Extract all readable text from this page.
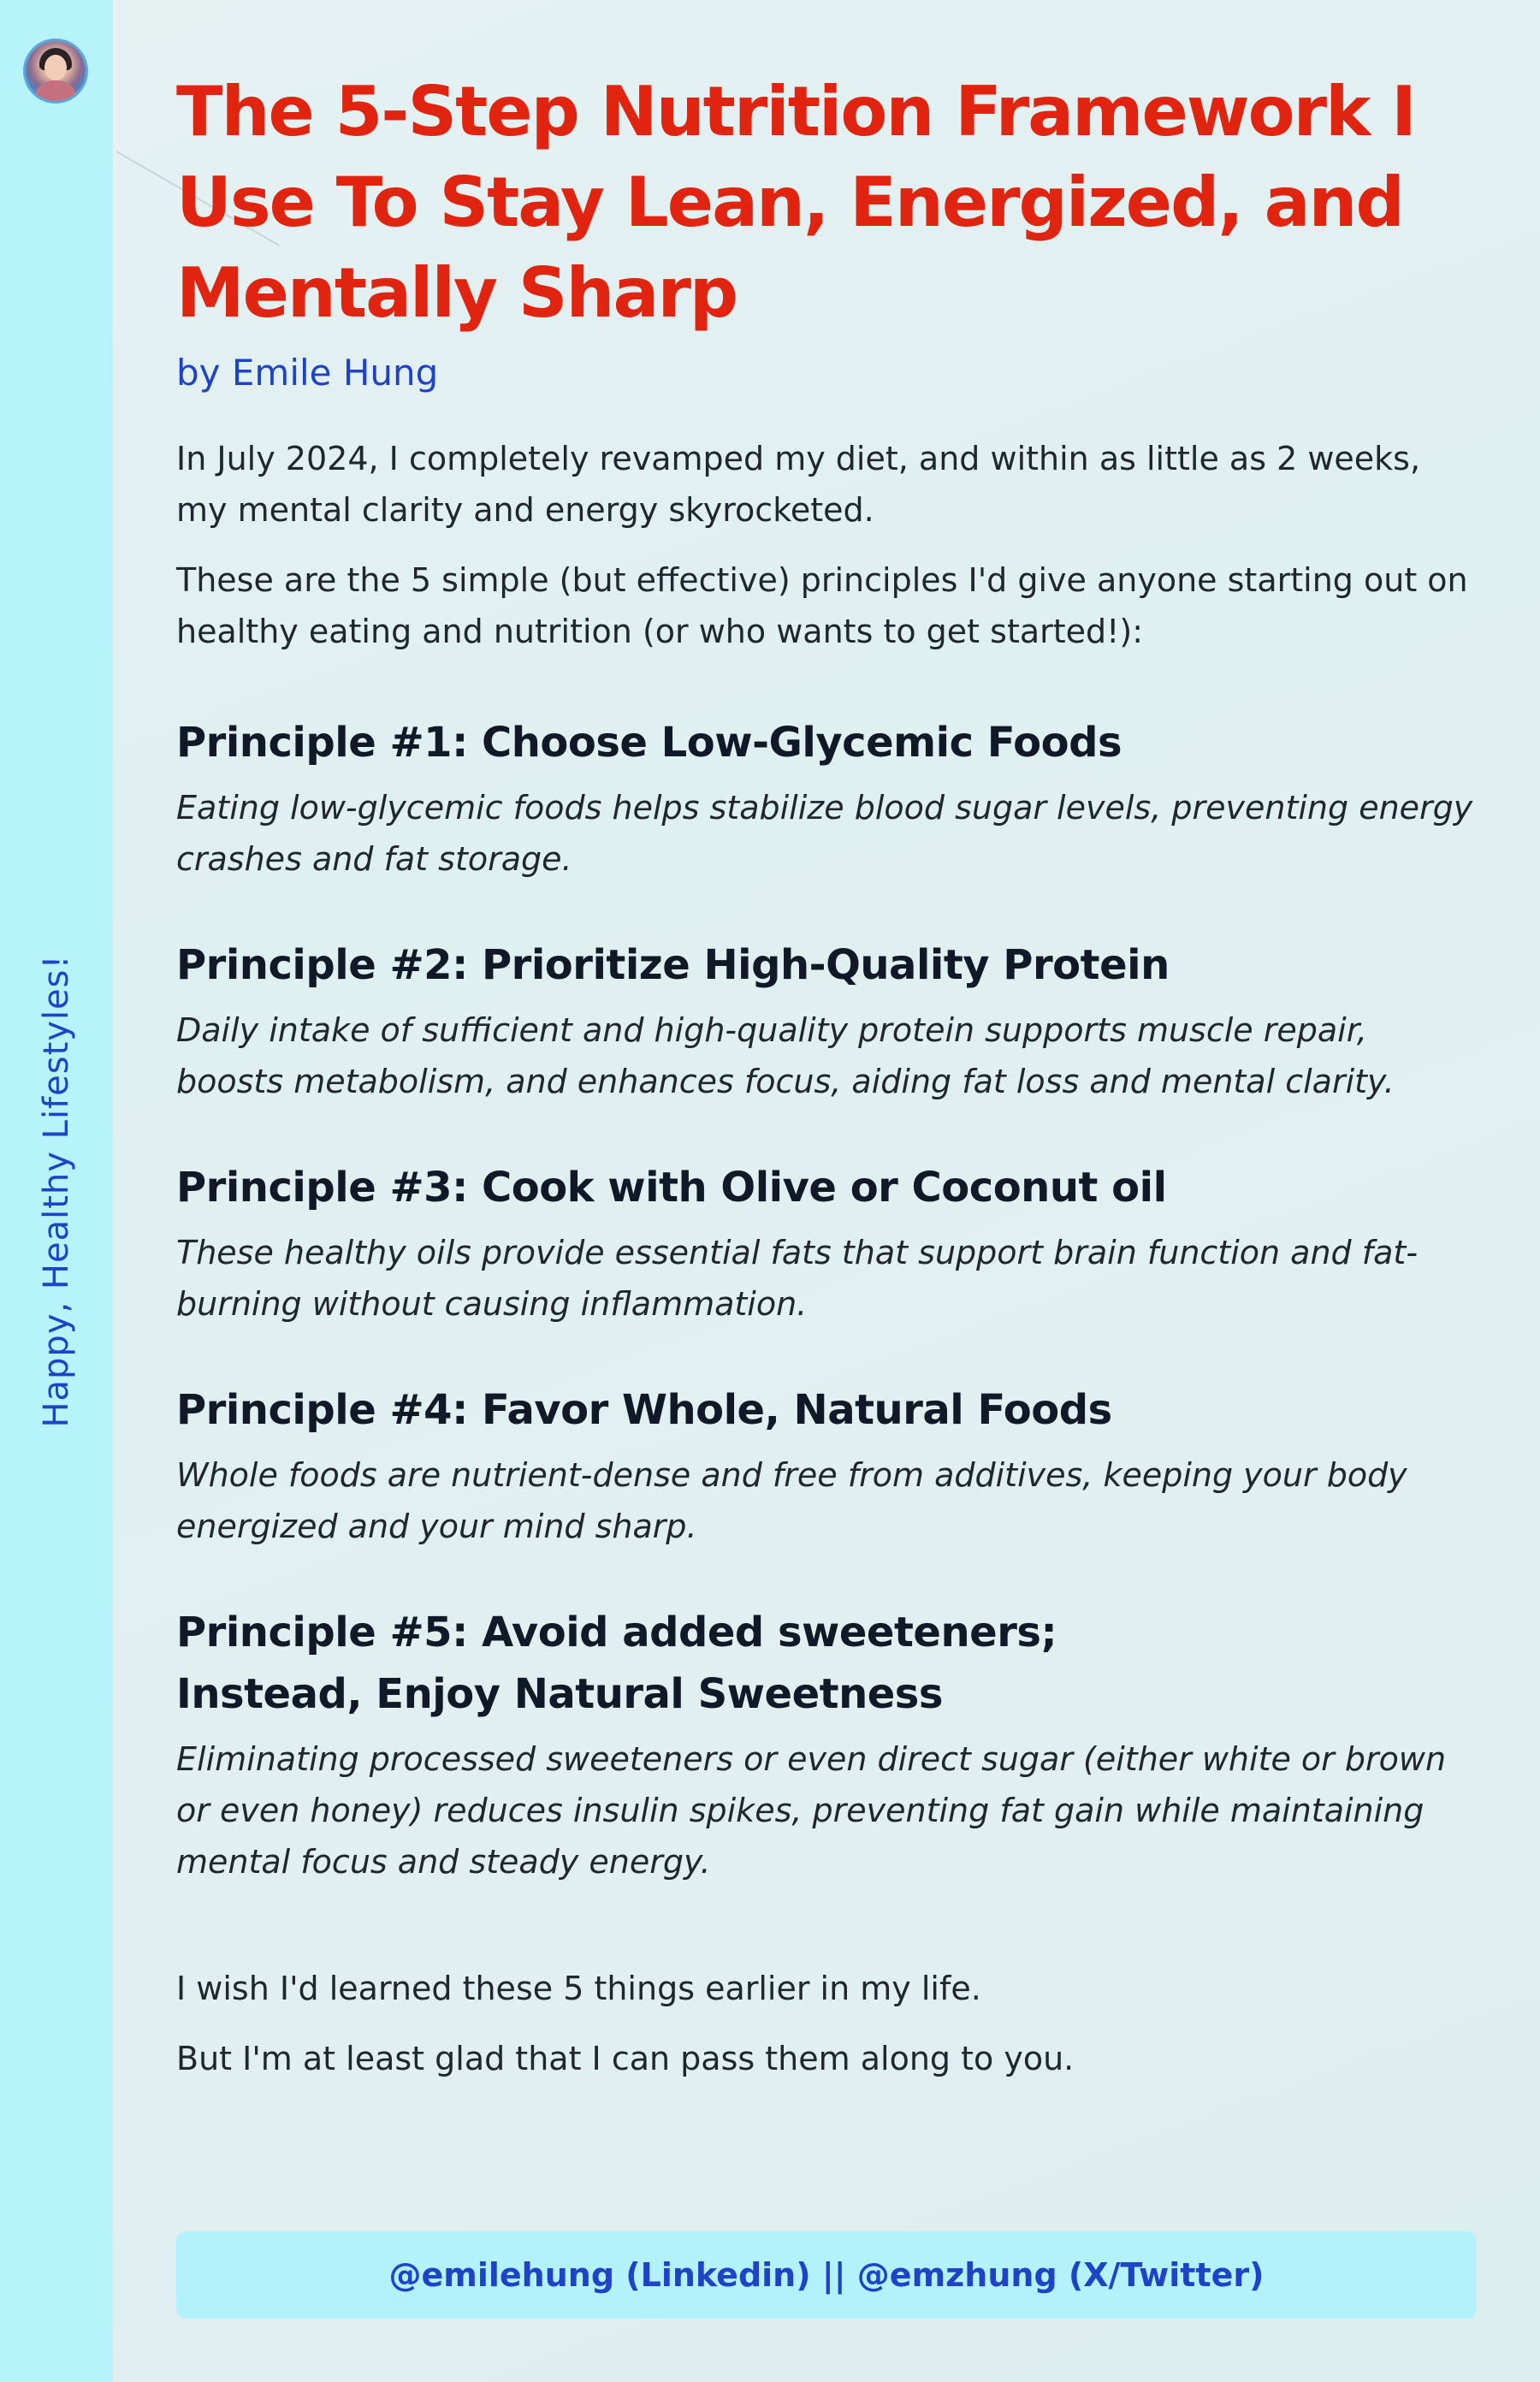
Happy, Healthy Lifestyles!
The 5-Step Nutrition Framework I Use To Stay Lean, Energized, and Mentally Sharp

by Emile Hung

In July 2024, I completely revamped my diet, and within as little as 2 weeks, my mental clarity and energy skyrocketed.

These are the 5 simple (but effective) principles I'd give anyone starting out on healthy eating and nutrition (or who wants to get started!):

Principle #1: Choose Low-Glycemic Foods

Eating low-glycemic foods helps stabilize blood sugar levels, preventing energy crashes and fat storage.

Principle #2: Prioritize High-Quality Protein

Daily intake of sufficient and high-quality protein supports muscle repair, boosts metabolism, and enhances focus, aiding fat loss and mental clarity.

Principle #3: Cook with Olive or Coconut oil

These healthy oils provide essential fats that support brain function and fat-burning without causing inflammation.

Principle #4: Favor Whole, Natural Foods

Whole foods are nutrient-dense and free from additives, keeping your body energized and your mind sharp.

Principle #5: Avoid added sweeteners;
Instead, Enjoy Natural Sweetness

Eliminating processed sweeteners or even direct sugar (either white or brown or even honey) reduces insulin spikes, preventing fat gain while maintaining mental focus and steady energy.

I wish I'd learned these 5 things earlier in my life.

But I'm at least glad that I can pass them along to you.

@emilehung (Linkedin) || @emzhung (X/Twitter)
